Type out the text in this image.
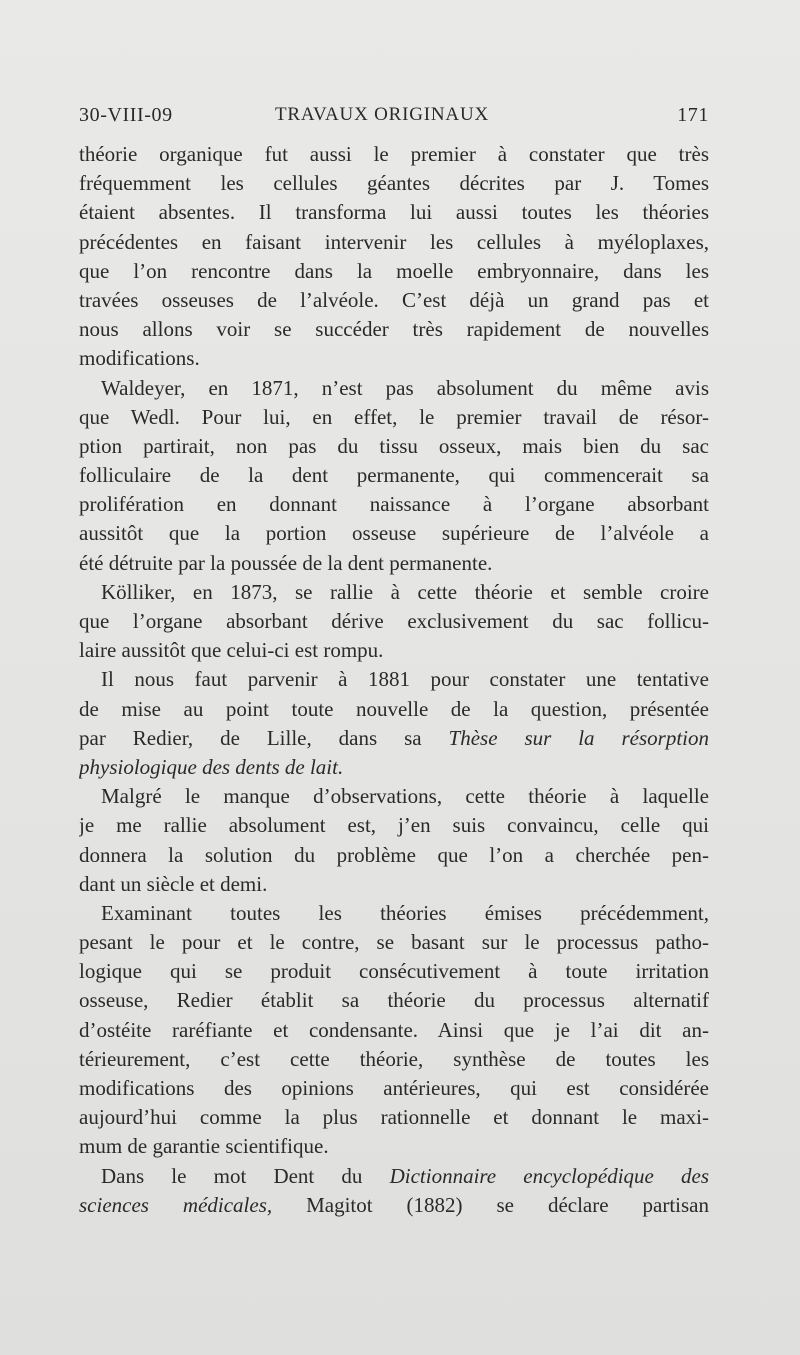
30-VIII-09	TRAVAUX ORIGINAUX	171
théorie organique fut aussi le premier à constater que très
fréquemment les cellules géantes décrites par J. Tomes
étaient absentes. Il transforma lui aussi toutes les théories
précédentes en faisant intervenir les cellules à myéloplaxes,
que l’on rencontre dans la moelle embryonnaire, dans les
travées osseuses de l’alvéole. C’est déjà un grand pas et
nous allons voir se succéder très rapidement de nouvelles
modifications.
Waldeyer, en 1871, n’est pas absolument du même avis
que Wedl. Pour lui, en effet, le premier travail de résor-
ption partirait, non pas du tissu osseux, mais bien du sac
folliculaire de la dent permanente, qui commencerait sa
prolifération en donnant naissance à l’organe absorbant
aussitôt que la portion osseuse supérieure de l’alvéole a
été détruite par la poussée de la dent permanente.
Kölliker, en 1873, se rallie à cette théorie et semble croire
que l’organe absorbant dérive exclusivement du sac follicu-
laire aussitôt que celui-ci est rompu.
Il nous faut parvenir à 1881 pour constater une tentative
de mise au point toute nouvelle de la question, présentée
par Redier, de Lille, dans sa Thèse sur la résorption
physiologique des dents de lait.
Malgré le manque d’observations, cette théorie à laquelle
je me rallie absolument est, j’en suis convaincu, celle qui
donnera la solution du problème que l’on a cherchée pen-
dant un siècle et demi.
Examinant toutes les théories émises précédemment,
pesant le pour et le contre, se basant sur le processus patho-
logique qui se produit consécutivement à toute irritation
osseuse, Redier établit sa théorie du processus alternatif
d’ostéite raréfiante et condensante. Ainsi que je l’ai dit an-
térieurement, c’est cette théorie, synthèse de toutes les
modifications des opinions antérieures, qui est considérée
aujourd’hui comme la plus rationnelle et donnant le maxi-
mum de garantie scientifique.
Dans le mot Dent du Dictionnaire encyclopédique des
sciences médicales, Magitot (1882) se déclare partisan
